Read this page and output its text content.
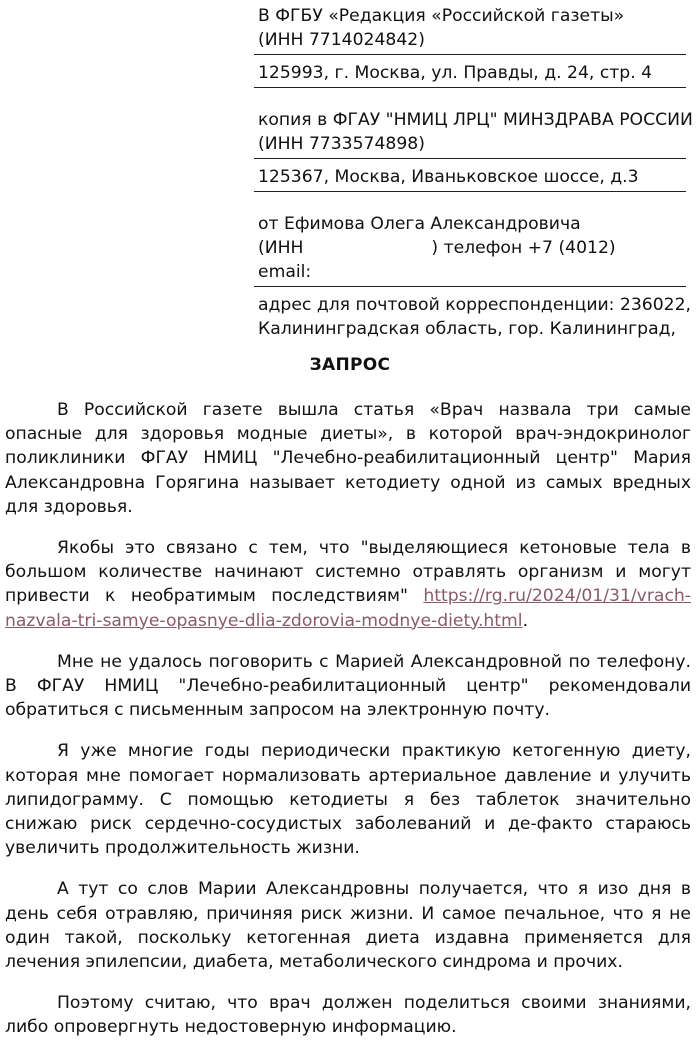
В ФГБУ «Редакция «Российской газеты»
(ИНН 7714024842)
125993, г. Москва, ул. Правды, д. 24, стр. 4
копия в ФГАУ "НМИЦ ЛРЦ" МИНЗДРАВА РОССИИ
(ИНН 7733574898)
125367, Москва, Иваньковское шоссе, д.3
от Ефимова Олега Александровича
(ИНН	) телефон +7 (4012)
email:
адрес для почтовой корреспонденции: 236022,
Калининградская область, гор. Калининград,
ЗАПРОС

В Российской газете вышла статья «Врач назвала три самые опасные для здоровья модные диеты», в которой врач-эндокринолог поликлиники ФГАУ НМИЦ "Лечебно-реабилитационный центр" Мария Александровна Горягина называет кетодиету одной из самых вредных для здоровья.

Якобы это связано с тем, что "выделяющиеся кетоновые тела в большом количестве начинают системно отравлять организм и могут привести к необратимым последствиям" https://rg.ru/2024/01/31/vrach-nazvala-tri-samye-opasnye-dlia-zdorovia-modnye-diety.html.

Мне не удалось поговорить с Марией Александровной по телефону. В ФГАУ НМИЦ "Лечебно-реабилитационный центр" рекомендовали обратиться с письменным запросом на электронную почту.

Я уже многие годы периодически практикую кетогенную диету, которая мне помогает нормализовать артериальное давление и улучить липидограмму. С помощью кетодиеты я без таблеток значительно снижаю риск сердечно-сосудистых заболеваний и де-факто стараюсь увеличить продолжительность жизни.

А тут со слов Марии Александровны получается, что я изо дня в день себя отравляю, причиняя риск жизни. И самое печальное, что я не один такой, поскольку кетогенная диета издавна применяется для лечения эпилепсии, диабета, метаболического синдрома и прочих.

Поэтому считаю, что врач должен поделиться своими знаниями, либо опровергнуть недостоверную информацию.
